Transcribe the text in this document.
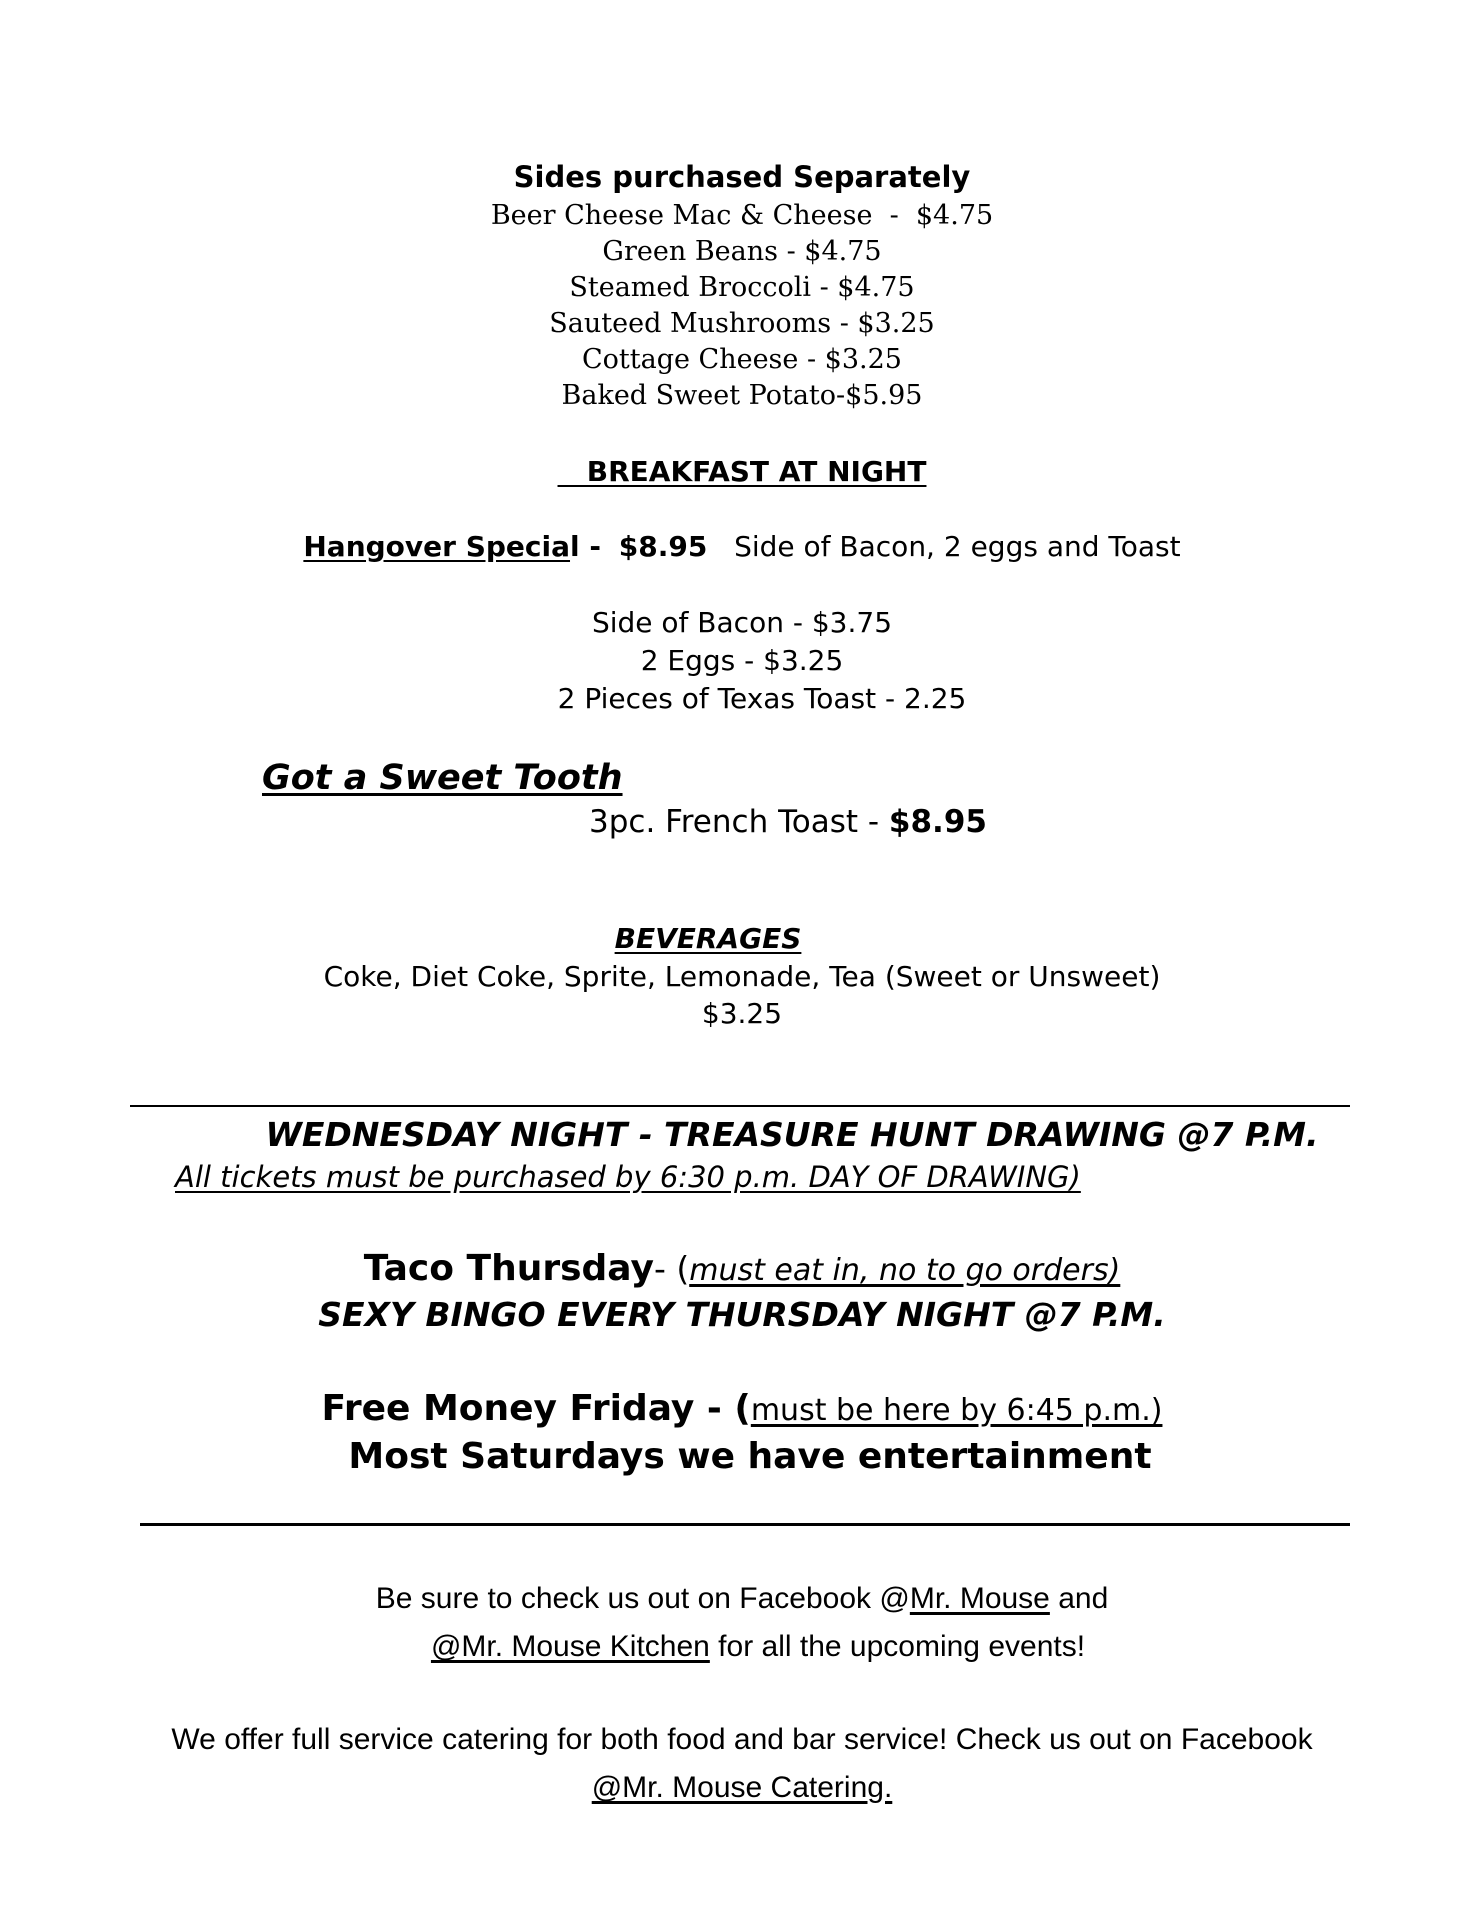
Sides purchased Separately
Beer Cheese Mac & Cheese  -  $4.75
Green Beans - $4.75
Steamed Broccoli - $4.75
Sauteed Mushrooms - $3.25
Cottage Cheese - $3.25
Baked Sweet Potato-$5.95
BREAKFAST AT NIGHT
Hangover Special - $8.95 Side of Bacon, 2 eggs and Toast
Side of Bacon - $3.75
2 Eggs - $3.25
2 Pieces of Texas Toast - 2.25
Got a Sweet Tooth
3pc. French Toast - $8.95
BEVERAGES
Coke, Diet Coke, Sprite, Lemonade, Tea (Sweet or Unsweet)
$3.25
WEDNESDAY NIGHT - TREASURE HUNT DRAWING @7 P.M.
All tickets must be purchased by 6:30 p.m. DAY OF DRAWING)
Taco Thursday- (must eat in, no to go orders)
SEXY BINGO EVERY THURSDAY NIGHT @7 P.M.
Free Money Friday - (must be here by 6:45 p.m.)
Most Saturdays we have entertainment
Be sure to check us out on Facebook @Mr. Mouse and
@Mr. Mouse Kitchen for all the upcoming events!
We offer full service catering for both food and bar service! Check us out on Facebook
@Mr. Mouse Catering.
